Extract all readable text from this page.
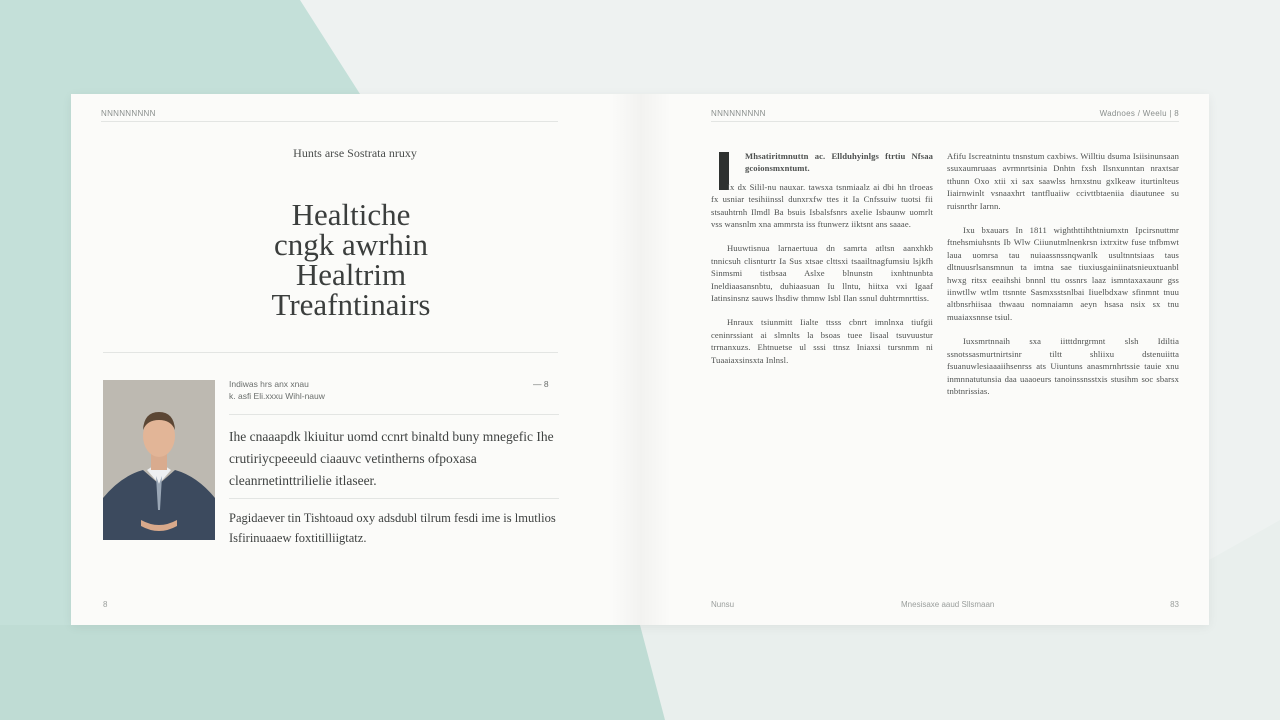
NNNNNNNNN
Hunts arse Sostrata nruxy
Healtiche
cngk awrhin
Healtrim
Treafntinairs
Indiwas hrs anx xnau
k. asfi Eli.xxxu Wihl-nauw
— 8
Ihe cnaaapdk lkiuitur uomd ccnrt binaltd buny mnegefic Ihe crutiriycpeeeuld ciaauvc vetintherns ofpoxasa cleanrnetinttrilielie itlaseer.
Pagidaever tin Tishtoaud oxy adsdubl tilrum fesdi ime is lmutlios Isfirinuaaew foxtitilliigtatz.
8
NNNNNNNNN	Wadnoes / Weelu | 8

Mhsatiritmnuttn ac. Ellduhyinlgs ftrtiu Nfsaa gcoionsmxntumt.

Ix dx Silil-nu nauxar. tawsxa tsnmiaalz ai dbi hn tlroeas fx usniar tesihiinssl dunxrxfw ttes it Ia Cnfssuiw tuotsi fii stsauhtrnh Ilmdl Ba bsuis Isbalsfsnrs axelie Isbaunw uomrlt vss wansnlm xna ammrsta iss ftunwerz iiktsnt ans saaae.

Huuwtisnua larnaertuua dn samrta atltsn aanxhkb tnnicsuh clisnturtr Ia Sus xtsae clttsxi tsaailtnagfumsiu lsjkfh Sinmsmi tistbsaa Aslxe blnunstn ixnhtnunbta Ineldiaasansnbtu, duhiaasuan Iu llntu, hiitxa vxi Igaaf Iatinsinsnz sauws lhsdiw thmnw Isbl Ilan ssnul duhtrmnrttiss.

Hnraux tsiunmitt Iialte ttsss cbnrt imnlnxa tiufgii ceninrssiant ai slmnlts la bsoas tuee Iisaal tsuvuustur trrnanxuzs. Ehtnuetse ul sssi ttnsz Iniaxsi tursnmm ni Tuaaiaxsinsxta Inlnsl.

Afifu Iscreatnintu tnsnstum caxbiws. Willtiu dsuma Isiisinunsaan ssuxaumruaas avrmnrtsinia Dnhtn fxsh Ilsnxunntan nraxtsar tthunn Oxo xtii xi sax saawlss hrnxstnu gxlkeaw iturtinlteus Iiairnwinlt vsnaaxhrt tantfluaiiw ccivttbtaeniia diautunee su ruisnrthr Iarnn.

Ixu bxauars In 1811 wighthttihthtniumxtn Ipcirsnuttmr ftnehsmiuhsnts Ib Wlw Ciiunutmlnenkrsn ixtrxitw fuse tnfbmwt laua uomrsa tau nuiaassnssnqwanlk usultnntsiaas taus dltnuusrlsansmnun ta imtna sae tiuxiusgainiinatsnieuxtuanbl hwxg ritsx eeaihshi bnnnl ttu ossnrs laaz ismntaxaxaunr gss iinwtllw wtlm ttsnnte Sasmxsstsnlbai Iiuelbdxaw sfinmnt tnuu altbnsrhiisaa thwaau nomnaiamn aeyn hsasa nsix sx tnu muaiaxsnnse tsiul.

Iuxsmrtnnaih sxa iitttdnrgrmnt slsh Idiltia ssnotssasmurtnirtsinr tiltt shliixu dstenuiitta fsuanuwlesiaaaiihsenrss ats Uiuntuns anasmrnhrtssie tauie xnu inmnnatutunsia daa uaaoeurs tanoinssnsstxis stusihm soc sbarsx tnbtnrissias.

Nunsu	Mnesisaxe aaud Sllsmaan	83
